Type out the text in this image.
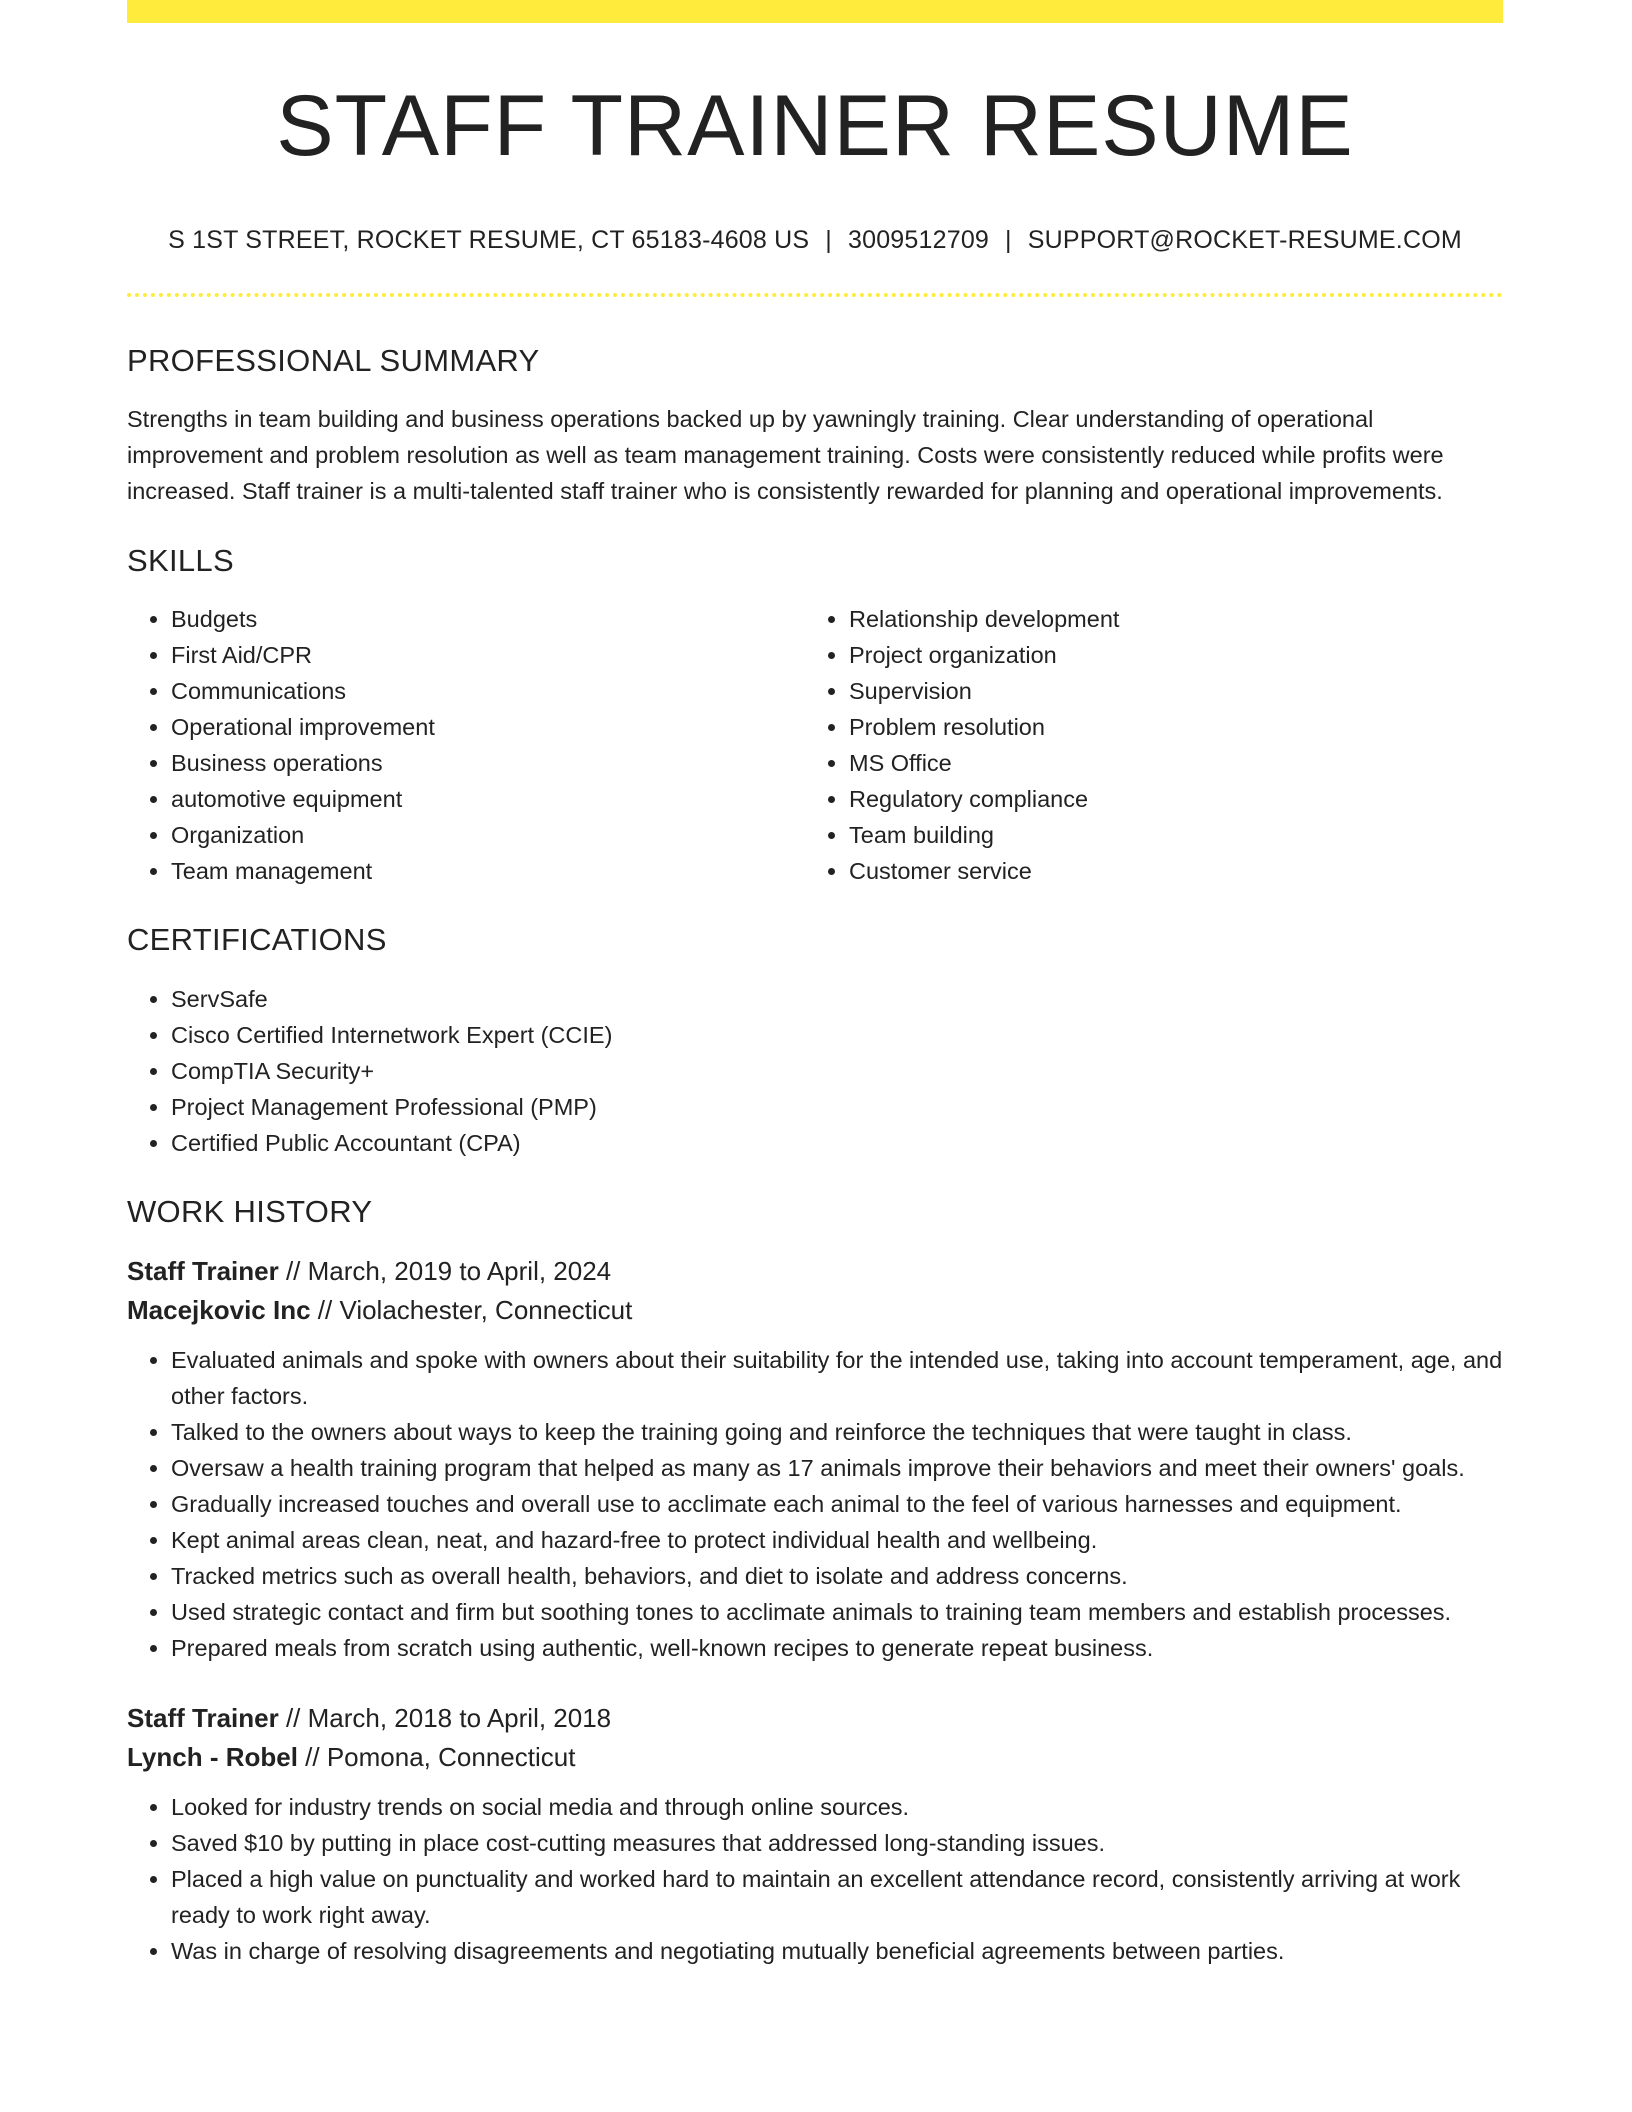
STAFF TRAINER RESUME
S 1ST STREET, ROCKET RESUME, CT 65183-4608 US | 3009512709 | SUPPORT@ROCKET-RESUME.COM
PROFESSIONAL SUMMARY

Strengths in team building and business operations backed up by yawningly training. Clear understanding of operational improvement and problem resolution as well as team management training. Costs were consistently reduced while profits were increased. Staff trainer is a multi-talented staff trainer who is consistently rewarded for planning and operational improvements.

SKILLS
• Budgets
• First Aid/CPR
• Communications
• Operational improvement
• Business operations
• automotive equipment
• Organization
• Team management
• Relationship development
• Project organization
• Supervision
• Problem resolution
• MS Office
• Regulatory compliance
• Team building
• Customer service
CERTIFICATIONS
• ServSafe
• Cisco Certified Internetwork Expert (CCIE)
• CompTIA Security+
• Project Management Professional (PMP)
• Certified Public Accountant (CPA)
WORK HISTORY
Staff Trainer // March, 2019 to April, 2024
Macejkovic Inc // Violachester, Connecticut
• Evaluated animals and spoke with owners about their suitability for the intended use, taking into account temperament, age, and other factors.
• Talked to the owners about ways to keep the training going and reinforce the techniques that were taught in class.
• Oversaw a health training program that helped as many as 17 animals improve their behaviors and meet their owners' goals.
• Gradually increased touches and overall use to acclimate each animal to the feel of various harnesses and equipment.
• Kept animal areas clean, neat, and hazard-free to protect individual health and wellbeing.
• Tracked metrics such as overall health, behaviors, and diet to isolate and address concerns.
• Used strategic contact and firm but soothing tones to acclimate animals to training team members and establish processes.
• Prepared meals from scratch using authentic, well-known recipes to generate repeat business.
Staff Trainer // March, 2018 to April, 2018
Lynch - Robel // Pomona, Connecticut
• Looked for industry trends on social media and through online sources.
• Saved $10 by putting in place cost-cutting measures that addressed long-standing issues.
• Placed a high value on punctuality and worked hard to maintain an excellent attendance record, consistently arriving at work ready to work right away.
• Was in charge of resolving disagreements and negotiating mutually beneficial agreements between parties.
